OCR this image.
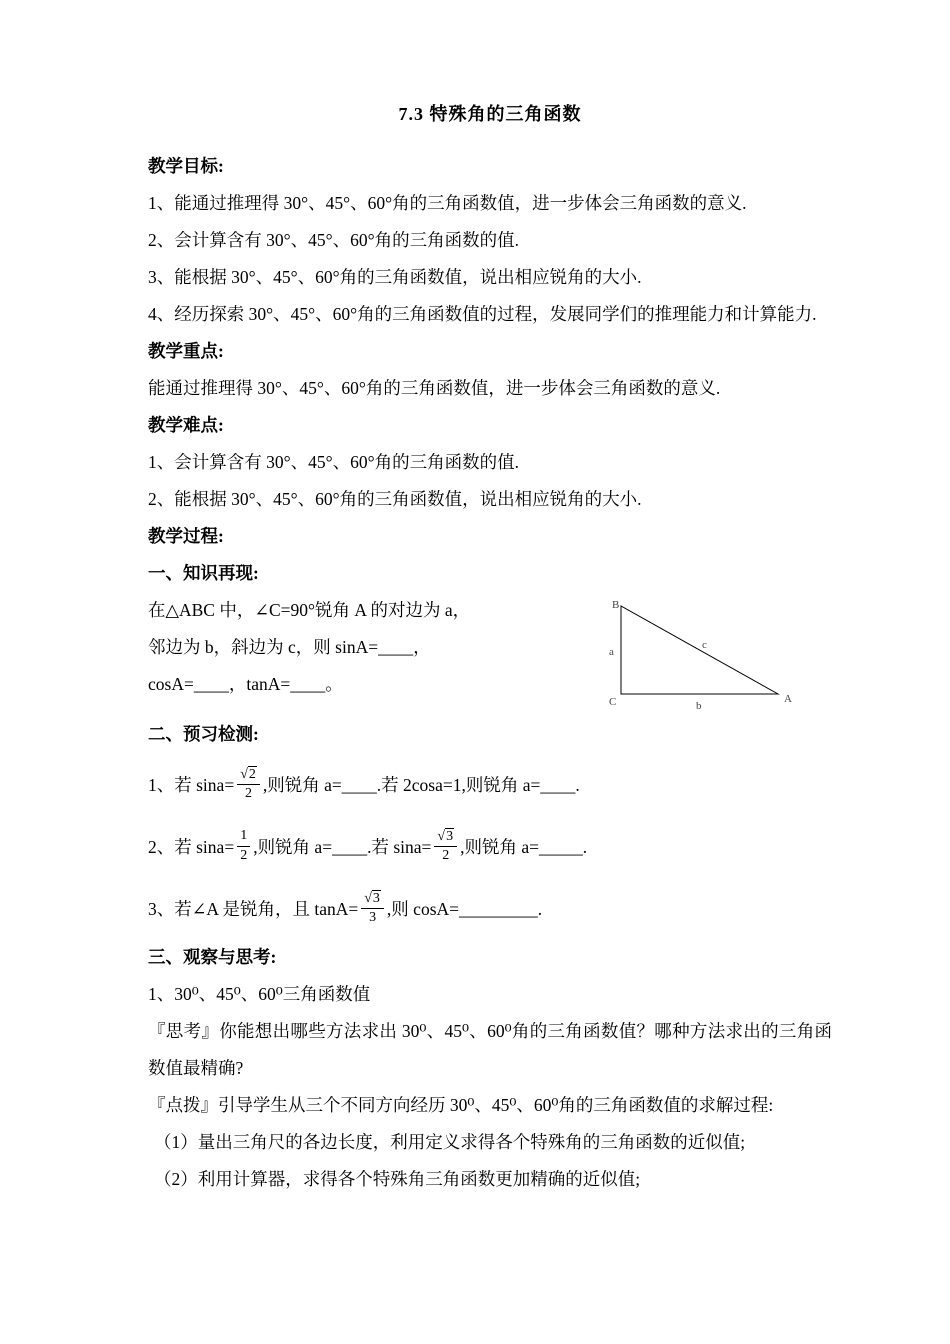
7.3 特殊角的三角函数
教学目标:
1、能通过推理得 30°、45°、60°角的三角函数值，进一步体会三角函数的意义.
2、会计算含有 30°、45°、60°角的三角函数的值.
3、能根据 30°、45°、60°角的三角函数值，说出相应锐角的大小.
4、经历探索 30°、45°、60°角的三角函数值的过程，发展同学们的推理能力和计算能力.
教学重点:
能通过推理得 30°、45°、60°角的三角函数值，进一步体会三角函数的意义.
教学难点:
1、会计算含有 30°、45°、60°角的三角函数的值.
2、能根据 30°、45°、60°角的三角函数值，说出相应锐角的大小.
教学过程:
一、知识再现:
在△ABC 中，∠C=90°锐角 A 的对边为 a，
邻边为 b，斜边为 c，则 sinA=____，
cosA=____，tanA=____。
B
C	A
a
b
c
二、预习检测:
1、若 $\sin a= \frac{√ 2}{2}$ ,则锐角 a=____.若 2cosa=1,则锐角 a=____.
2、若 $\sin a= \frac{1}{2}$ ,则锐角 a=____.若 $\sin a= \frac{√ 3}{2}$ ,则锐角 a=_____.
3、若∠A 是锐角，且 $\tan A= \frac{√ 3}{3}$ ,则 cosA=_________.
三、观察与思考:
1、30⁰、45⁰、60⁰三角函数值
『思考』你能想出哪些方法求出 30⁰、45⁰、60⁰角的三角函数值？哪种方法求出的三角函数值最精确?
『点拨』引导学生从三个不同方向经历 30⁰、45⁰、60⁰角的三角函数值的求解过程:
（1）量出三角尺的各边长度，利用定义求得各个特殊角的三角函数的近似值;
（2）利用计算器，求得各个特殊角三角函数更加精确的近似值;
